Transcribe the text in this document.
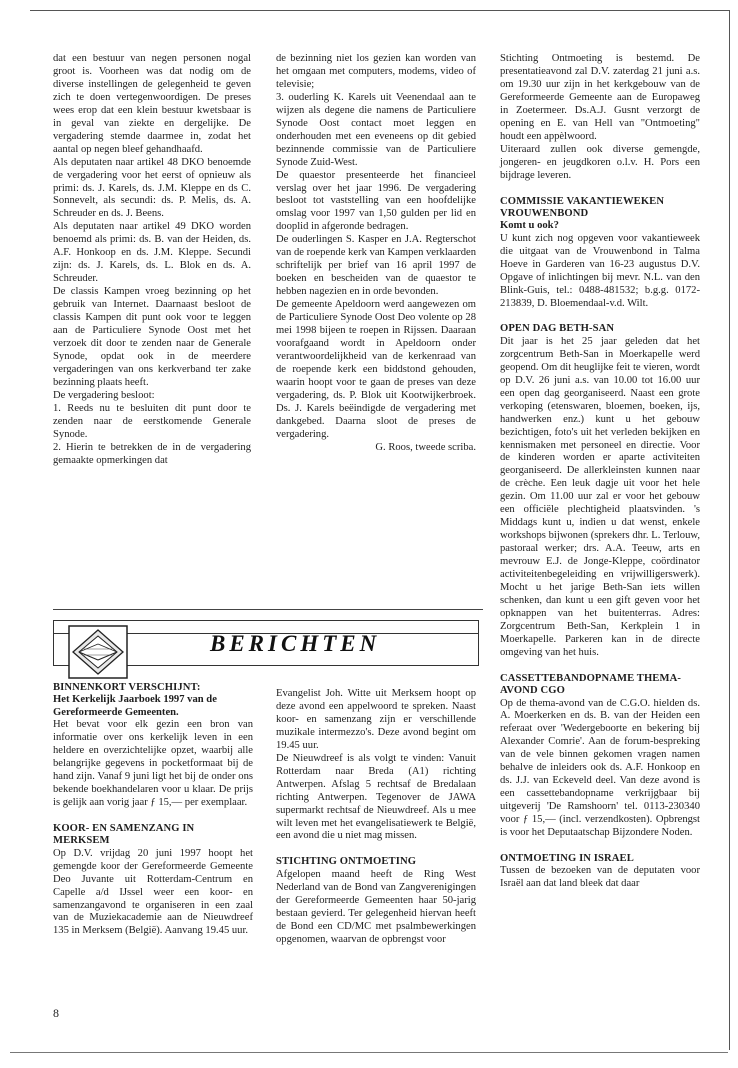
dat een bestuur van negen personen nogal groot is. Voorheen was dat nodig om de diverse instellingen de gelegenheid te geven zich te doen vertegenwoordigen. De preses wees erop dat een klein bestuur kwetsbaar is in geval van ziekte en dergelijke. De vergadering stemde daarmee in, zodat het aantal op negen bleef gehandhaafd.

Als deputaten naar artikel 48 DKO benoemde de vergadering voor het eerst of opnieuw als primi: ds. J. Karels, ds. J.M. Kleppe en ds C. Sonnevelt, als secundi: ds. P. Melis, ds. A. Schreuder en ds. J. Beens.

Als deputaten naar artikel 49 DKO worden benoemd als primi: ds. B. van der Heiden, ds. A.F. Honkoop en ds. J.M. Kleppe. Secundi zijn: ds. J. Karels, ds. L. Blok en ds. A. Schreuder.

De classis Kampen vroeg bezinning op het gebruik van Internet. Daarnaast besloot de classis Kampen dit punt ook voor te leggen aan de Particuliere Synode Oost met het verzoek dit door te zenden naar de Generale Synode, opdat ook in de meerdere vergaderingen van ons kerkverband ter zake bezinning plaats heeft.

De vergadering besloot:

1. Reeds nu te besluiten dit punt door te zenden naar de eerstkomende Generale Synode.

2. Hierin te betrekken de in de vergadering gemaakte opmerkingen dat

de bezinning niet los gezien kan worden van het omgaan met computers, modems, video of televisie;

3. ouderling K. Karels uit Veenendaal aan te wijzen als degene die namens de Particuliere Synode Oost contact moet leggen en onderhouden met een eveneens op dit gebied bezinnende commissie van de Particuliere Synode Zuid-West.

De quaestor presenteerde het financieel verslag over het jaar 1996. De vergadering besloot tot vaststelling van een hoofdelijke omslag voor 1997 van 1,50 gulden per lid en dooplid in afgeronde bedragen.

De ouderlingen S. Kasper en J.A. Regterschot van de roepende kerk van Kampen verklaarden schriftelijk per brief van 16 april 1997 de boeken en bescheiden van de quaestor te hebben nagezien en in orde bevonden.

De gemeente Apeldoorn werd aangewezen om de Particuliere Synode Oost Deo volente op 28 mei 1998 bijeen te roepen in Rijssen. Daaraan voorafgaand wordt in Apeldoorn onder verantwoordelijkheid van de kerkenraad van de roepende kerk een biddstond gehouden, waarin hoopt voor te gaan de preses van deze vergadering, ds. P. Blok uit Kootwijkerbroek. Ds. J. Karels beëindigde de vergadering met dankgebed. Daarna sloot de preses de vergadering.

G. Roos, tweede scriba.

Stichting Ontmoeting is bestemd. De presentatieavond zal D.V. zaterdag 21 juni a.s. om 19.30 uur zijn in het kerkgebouw van de Gereformeerde Gemeente aan de Europaweg in Zoetermeer. Ds.A.J. Gusnt verzorgt de opening en E. van Hell van "Ontmoeting" houdt een appèlwoord.

Uiteraard zullen ook diverse gemengde, jongeren- en jeugdkoren o.l.v. H. Pors een bijdrage leveren.

COMMISSIE VAKANTIEWEKEN VROUWENBOND
Komt u ook?

U kunt zich nog opgeven voor vakantieweek die uitgaat van de Vrouwenbond in Talma Hoeve in Garderen van 16-23 augustus D.V. Opgave of inlichtingen bij mevr. N.L. van den Blink-Guis, tel.: 0488-481532; b.g.g. 0172-213839, D. Bloemendaal-v.d. Wilt.

OPEN DAG BETH-SAN

Dit jaar is het 25 jaar geleden dat het zorgcentrum Beth-San in Moerkapelle werd geopend. Om dit heuglijke feit te vieren, wordt op D.V. 26 juni a.s. van 10.00 tot 16.00 uur een open dag georganiseerd. Naast een grote verkoping (etenswaren, bloemen, boeken, ijs, handwerken enz.) kunt u het gebouw bezichtigen, foto's uit het verleden bekijken en kennismaken met personeel en directie. Voor de kinderen worden er aparte activiteiten georganiseerd. De allerkleinsten kunnen naar de crèche. Een leuk dagje uit voor het hele gezin. Om 11.00 uur zal er voor het gebouw een officiële plechtigheid plaatsvinden. 's Middags kunt u, indien u dat wenst, enkele workshops bijwonen (sprekers dhr. L. Terlouw, pastoraal werker; drs. A.A. Teeuw, arts en mevrouw E.J. de Jonge-Kleppe, coördinator activiteitenbegeleiding en vrijwilligerswerk). Mocht u het jarige Beth-San iets willen schenken, dan kunt u een gift geven voor het opknappen van het buitenterras. Adres: Zorgcentrum Beth-San, Kerkplein 1 in Moerkapelle. Parkeren kan in de directe omgeving van het huis.

CASSETTEBANDOPNAME THEMA-AVOND CGO

Op de thema-avond van de C.G.O. hielden ds. A. Moerkerken en ds. B. van der Heiden een referaat over 'Wedergeboorte en bekering bij Alexander Comrie'. Aan de forum-bespreking van de vele binnen gekomen vragen namen behalve de inleiders ook ds. A.F. Honkoop en ds. J.J. van Eckeveld deel. Van deze avond is een cassettebandopname verkrijgbaar bij uitgeverij 'De Ramshoorn' tel. 0113-230340 voor ƒ 15,— (incl. verzendkosten). Opbrengst is voor het Deputaatschap Bijzondere Noden.

ONTMOETING IN ISRAEL

Tussen de bezoeken van de deputaten voor Israël aan dat land bleek dat daar

BERICHTEN
BINNENKORT VERSCHIJNT:
Het Kerkelijk Jaarboek 1997 van de Gereformeerde Gemeenten.

Het bevat voor elk gezin een bron van informatie over ons kerkelijk leven in een heldere en overzichtelijke opzet, waarbij alle belangrijke gegevens in pocketformaat bij de hand zijn. Vanaf 9 juni ligt het bij de onder ons bekende boekhandelaren voor u klaar. De prijs is gelijk aan vorig jaar ƒ 15,— per exemplaar.

KOOR- EN SAMENZANG IN MERKSEM

Op D.V. vrijdag 20 juni 1997 hoopt het gemengde koor der Gereformeerde Gemeente Deo Juvante uit Rotterdam-Centrum en Capelle a/d IJssel weer een koor- en samenzangavond te organiseren in een zaal van de Muziekacademie aan de Nieuwdreef 135 in Merksem (België). Aanvang 19.45 uur.

Evangelist Joh. Witte uit Merksem hoopt op deze avond een appelwoord te spreken. Naast koor- en samenzang zijn er verschillende muzikale intermezzo's. Deze avond begint om 19.45 uur.

De Nieuwdreef is als volgt te vinden: Vanuit Rotterdam naar Breda (A1) richting Antwerpen. Afslag 5 rechtsaf de Bredalaan richting Antwerpen. Tegenover de JAWA supermarkt rechtsaf de Nieuwdreef. Als u mee wilt leven met het evangelisatiewerk te België, een avond die u niet mag missen.

STICHTING ONTMOETING

Afgelopen maand heeft de Ring West Nederland van de Bond van Zangverenigingen der Gereformeerde Gemeenten haar 50-jarig bestaan gevierd. Ter gelegenheid hiervan heeft de Bond een CD/MC met psalmbewerkingen opgenomen, waarvan de opbrengst voor

8
